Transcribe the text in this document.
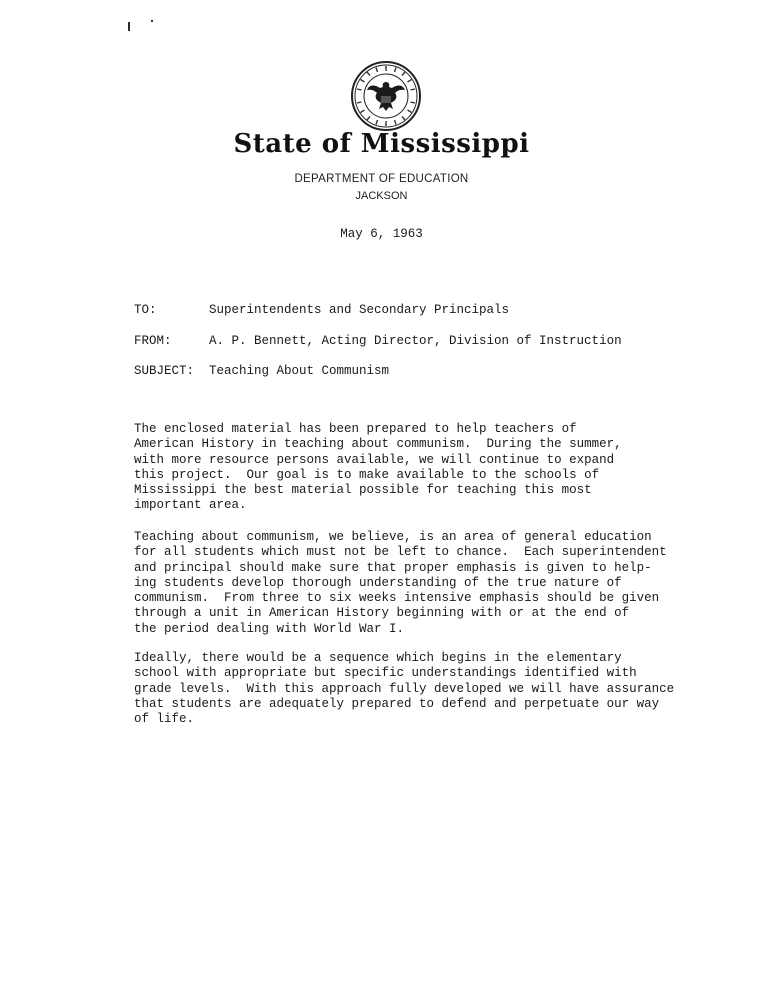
State of Mississippi
DEPARTMENT OF EDUCATION
JACKSON
May 6, 1963
TO:	Superintendents and Secondary Principals
FROM:	A. P. Bennett, Acting Director, Division of Instruction
SUBJECT: Teaching About Communism
The enclosed material has been prepared to help teachers of
American History in teaching about communism.  During the summer,
with more resource persons available, we will continue to expand
this project.  Our goal is to make available to the schools of
Mississippi the best material possible for teaching this most
important area.
Teaching about communism, we believe, is an area of general education
for all students which must not be left to chance.  Each superintendent
and principal should make sure that proper emphasis is given to help-
ing students develop thorough understanding of the true nature of
communism.  From three to six weeks intensive emphasis should be given
through a unit in American History beginning with or at the end of
the period dealing with World War I.
Ideally, there would be a sequence which begins in the elementary
school with appropriate but specific understandings identified with
grade levels.  With this approach fully developed we will have assurance
that students are adequately prepared to defend and perpetuate our way
of life.
